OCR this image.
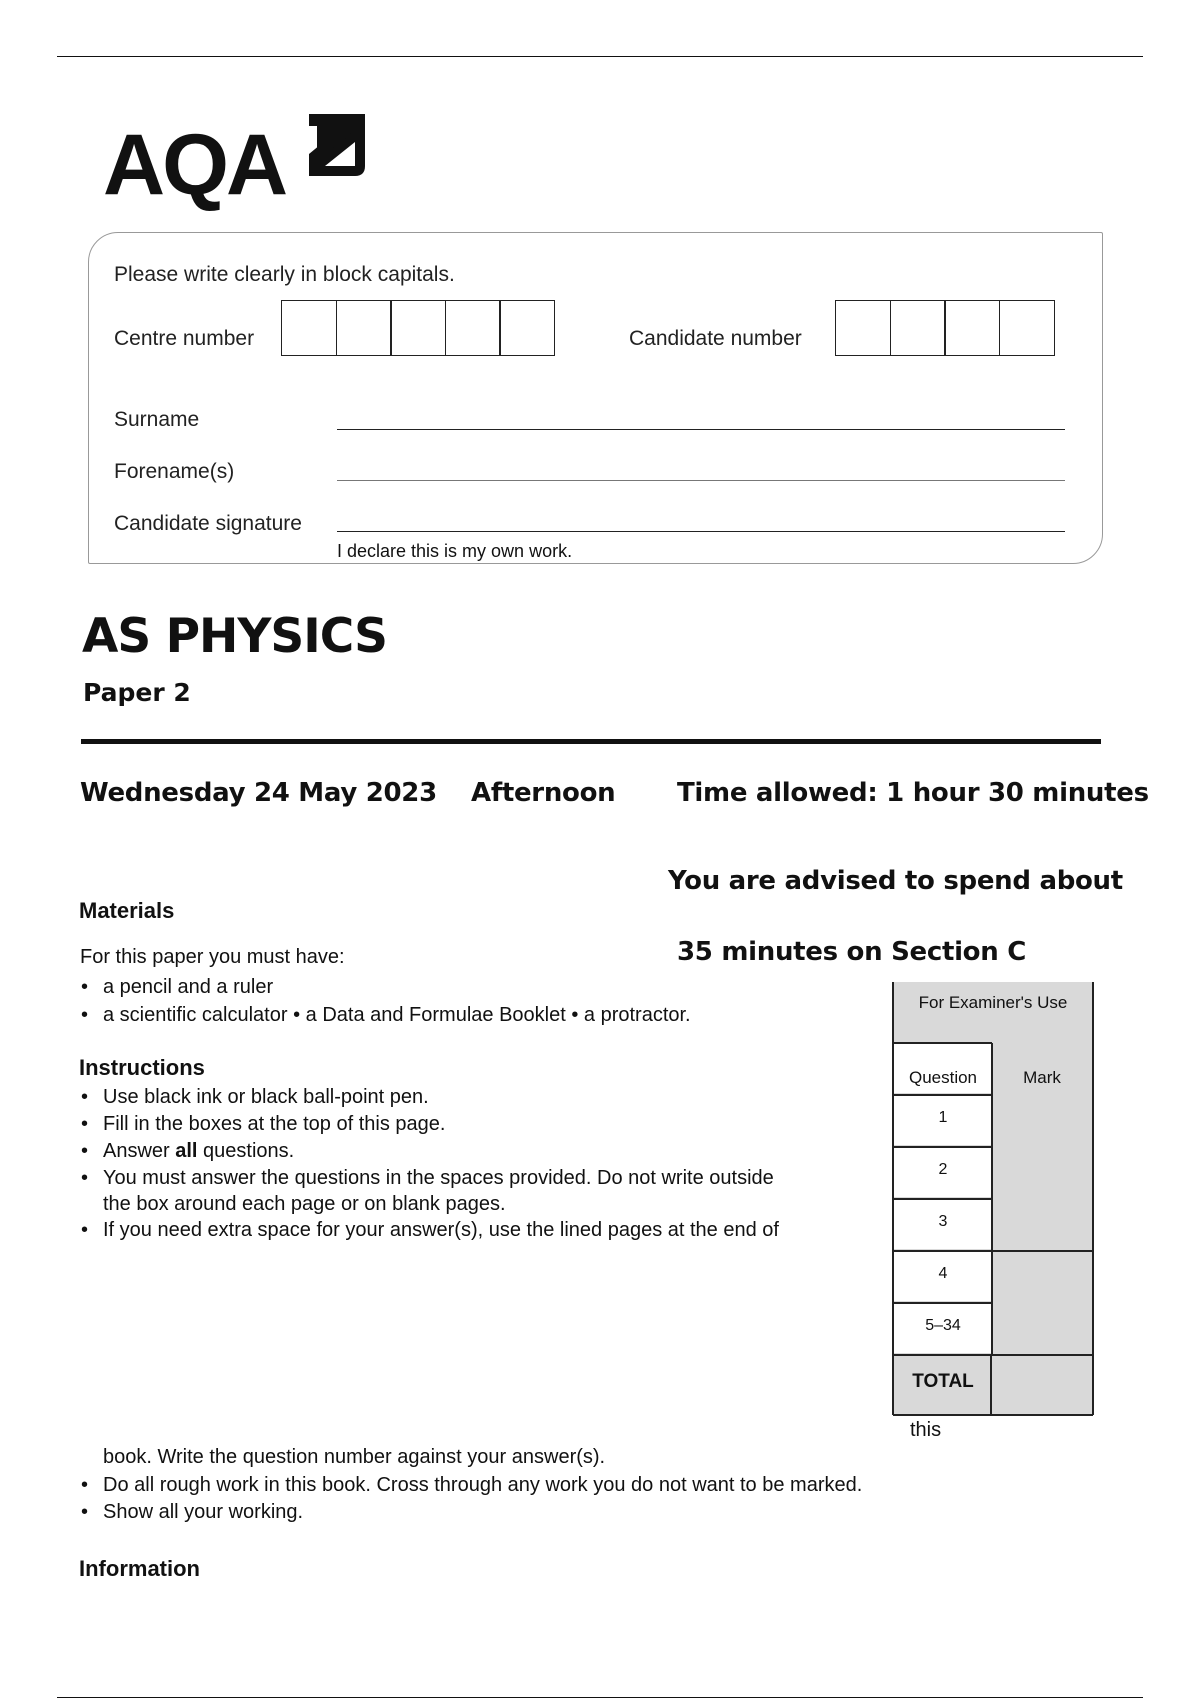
AQA
Please write clearly in block capitals.
Centre number	Candidate number
Surname
Forename(s)
Candidate signature
I declare this is my own work.
AS PHYSICS
Paper 2
Wednesday 24 May 2023 Afternoon Time allowed: 1 hour 30 minutes
You are advised to spend about
35 minutes on Section C
Materials
For this paper you must have:
• a pencil and a ruler
• a scientific calculator • a Data and Formulae Booklet • a protractor.
Instructions
• Use black ink or black ball-point pen.
• Fill in the boxes at the top of this page.
• Answer all questions.
• You must answer the questions in the spaces provided. Do not write outside
the box around each page or on blank pages.
• If you need extra space for your answer(s), use the lined pages at the end of
this
book. Write the question number against your answer(s).
• Do all rough work in this book. Cross through any work you do not want to be marked.
• Show all your working.
Information
For Examiner's Use
Question	Mark
1
2
3
4
5–34
TOTAL
